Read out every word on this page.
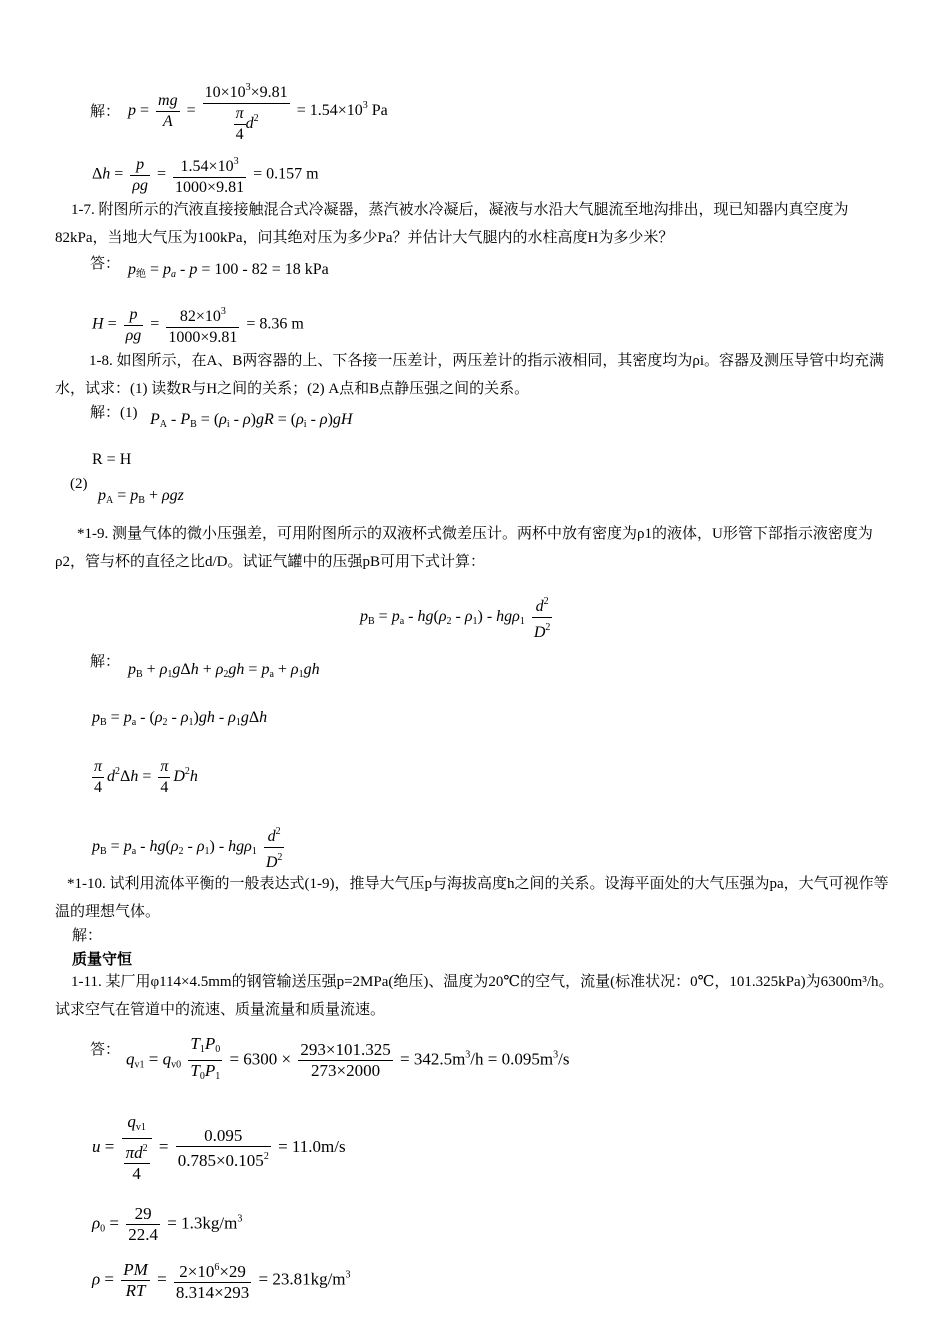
解： $p = \frac{mg}{A} = \frac{10\times 10^3\times 9.81}{\frac{\pi}{4} d^2} = 1.54\times 10^3$ Pa
$\Delta h = \frac{p}{\rho g} = \frac{1.54\times 10^3}{1000\times 9.81} = 0.157$ m

1-7. 附图所示的汽液直接接触混合式冷凝器，蒸汽被水冷凝后，凝液与水沿大气腿流至地沟排出，现已知器内真空度为82kPa，当地大气压为100kPa，问其绝对压为多少Pa？并估计大气腿内的水柱高度H为多少米？

答： $p_绝 = p_a - p = 100 - 82 = 18$ kPa
$H = \frac{p}{\rho g} = \frac{82\times 10^3}{1000\times 9.81} = 8.36$ m

1-8. 如图所示，在A、B两容器的上、下各接一压差计，两压差计的指示液相同，其密度均为ρi。容器及测压导管中均充满水，试求：(1) 读数R与H之间的关系；(2) A点和B点静压强之间的关系。

解：(1) $P_A - P_B = (\rho_i - \rho)gR = (\rho_i - \rho)gH$
R = H
(2)
$p_A = p_B + \rho gz$

*1-9. 测量气体的微小压强差，可用附图所示的双液杯式微差压计。两杯中放有密度为ρ1的液体，U形管下部指示液密度为ρ2，管与杯的直径之比d/D。试证气罐中的压强pB可用下式计算：

$p_B = p_a - hg(\rho_2 - \rho_1) - hg\rho_1 \frac{d^2}{D^2}$
解： $p_B + \rho_1g\Delta h + \rho_2gh = p_a + \rho_1gh$
$p_B = p_a - (\rho_2 - \rho_1)gh - \rho_1g\Delta h$
$\frac{\pi}{4} d^2\Delta h = \frac{\pi}{4} D^2h$
$p_B = p_a - hg(\rho_2 - \rho_1) - hg\rho_1 \frac{d^2}{D^2}$

*1-10. 试利用流体平衡的一般表达式(1-9)，推导大气压p与海拔高度h之间的关系。设海平面处的大气压强为pa，大气可视作等温的理想气体。

解：
质量守恒

1-11. 某厂用φ114×4.5mm的钢管输送压强p=2MPa(绝压)、温度为20℃的空气，流量(标准状况：0℃，101.325kPa)为6300m³/h。试求空气在管道中的流速、质量流量和质量流速。

答： $q_{v1} = q_{v0} \frac{T_1P_0}{T_0P_1} = 6300 \times \frac{293\times 101.325}{273\times 2000} = 342.5m^3/h = 0.095m^3/s$
$u = \frac{q_{v1}}{\frac{\pi d^2}{4}} = \frac{0.095}{0.785\times 0.105^2} = 11.0m/s$
$\rho_0 = \frac{29}{22.4} = 1.3kg/m^3$
$\rho = \frac{PM}{RT} = \frac{2\times 10^6\times 29}{8.314\times 293} = 23.81kg/m^3$
